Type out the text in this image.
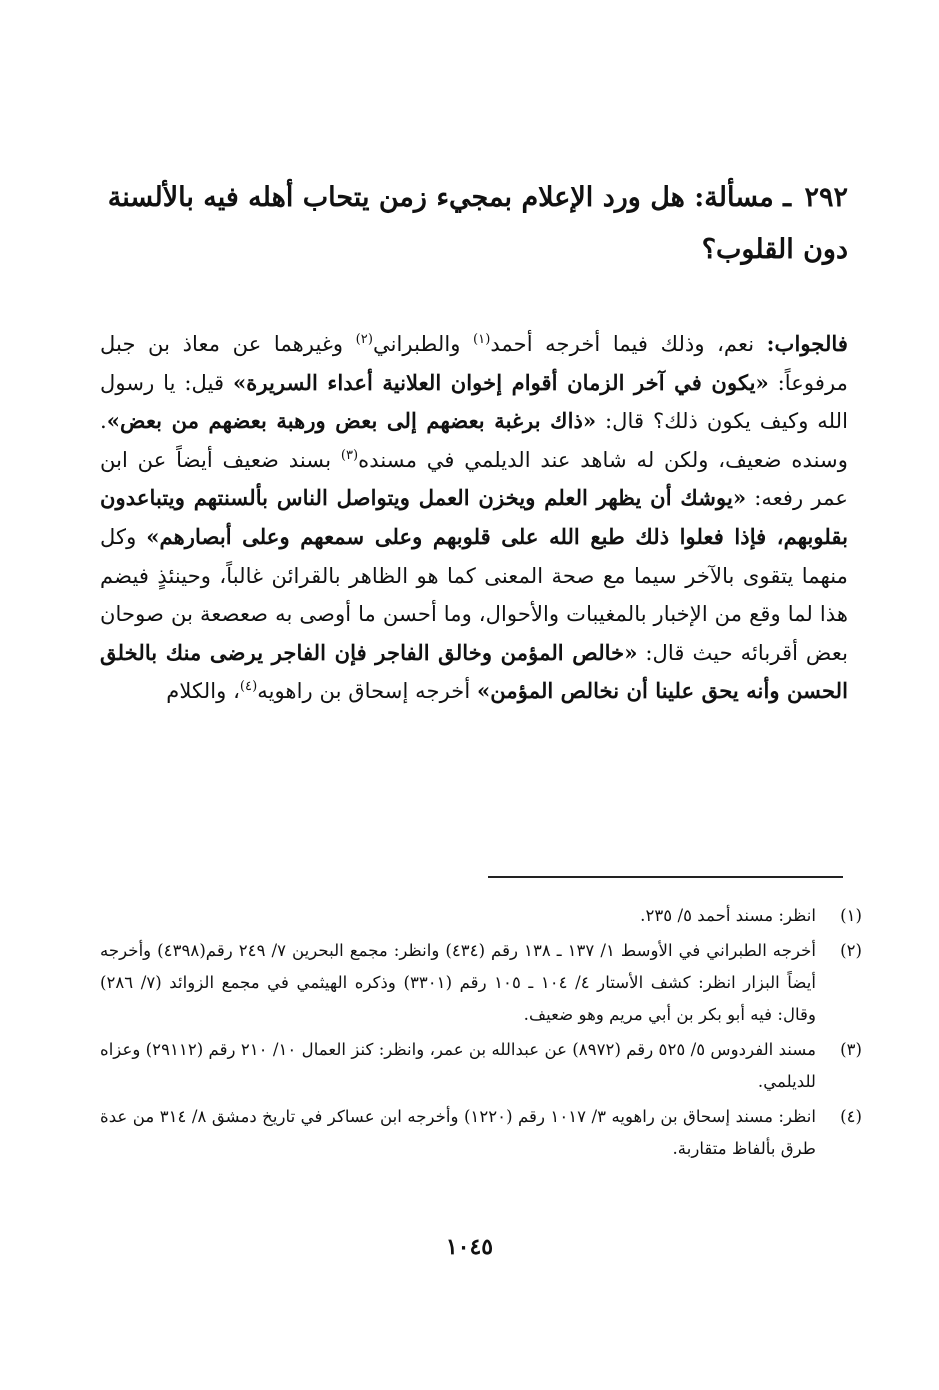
٢٩٢ ـ مسألة: هل ورد الإعلام بمجيء زمن يتحاب أهله فيه بالألسنة دون القلوب؟
فالجواب: نعم، وذلك فيما أخرجه أحمد$^{(١)}$ والطبراني$^{(٢)}$ وغيرهما عن معاذ بن جبل مرفوعاً: «يكون في آخر الزمان أقوام إخوان العلانية أعداء السريرة» قيل: يا رسول الله وكيف يكون ذلك؟ قال: «ذاك برغبة بعضهم إلى بعض ورهبة بعضهم من بعض». وسنده ضعيف، ولكن له شاهد عند الديلمي في مسنده$^{(٣)}$ بسند ضعيف أيضاً عن ابن عمر رفعه: «يوشك أن يظهر العلم ويخزن العمل ويتواصل الناس بألسنتهم ويتباعدون بقلوبهم، فإذا فعلوا ذلك طبع الله على قلوبهم وعلى سمعهم وعلى أبصارهم» وكل منهما يتقوى بالآخر سيما مع صحة المعنى كما هو الظاهر بالقرائن غالباً، وحينئذٍ فيضم هذا لما وقع من الإخبار بالمغيبات والأحوال، وما أحسن ما أوصى به صعصعة بن صوحان بعض أقربائه حيث قال: «خالص المؤمن وخالق الفاجر فإن الفاجر يرضى منك بالخلق الحسن وأنه يحق علينا أن نخالص المؤمن» أخرجه إسحاق بن راهويه$^{(٤)}$، والكلام
(١)
انظر: مسند أحمد ٥/ ٢٣٥.
(٢)
أخرجه الطبراني في الأوسط ١/ ١٣٧ ـ ١٣٨ رقم (٤٣٤) وانظر: مجمع البحرين ٧/ ٢٤٩ رقم(٤٣٩٨) وأخرجه أيضاً البزار انظر: كشف الأستار ٤/ ١٠٤ ـ ١٠٥ رقم (٣٣٠١) وذكره الهيثمي في مجمع الزوائد (٧/ ٢٨٦) وقال: فيه أبو بكر بن أبي مريم وهو ضعيف.
(٣)
مسند الفردوس ٥/ ٥٢٥ رقم (٨٩٧٢) عن عبدالله بن عمر، وانظر: كنز العمال ١٠/ ٢١٠ رقم (٢٩١١٢) وعزاه للديلمي.
(٤)
انظر: مسند إسحاق بن راهويه ٣/ ١٠١٧ رقم (١٢٢٠) وأخرجه ابن عساكر في تاريخ دمشق ٨/ ٣١٤ من عدة طرق بألفاظ متقاربة.
١٠٤٥
